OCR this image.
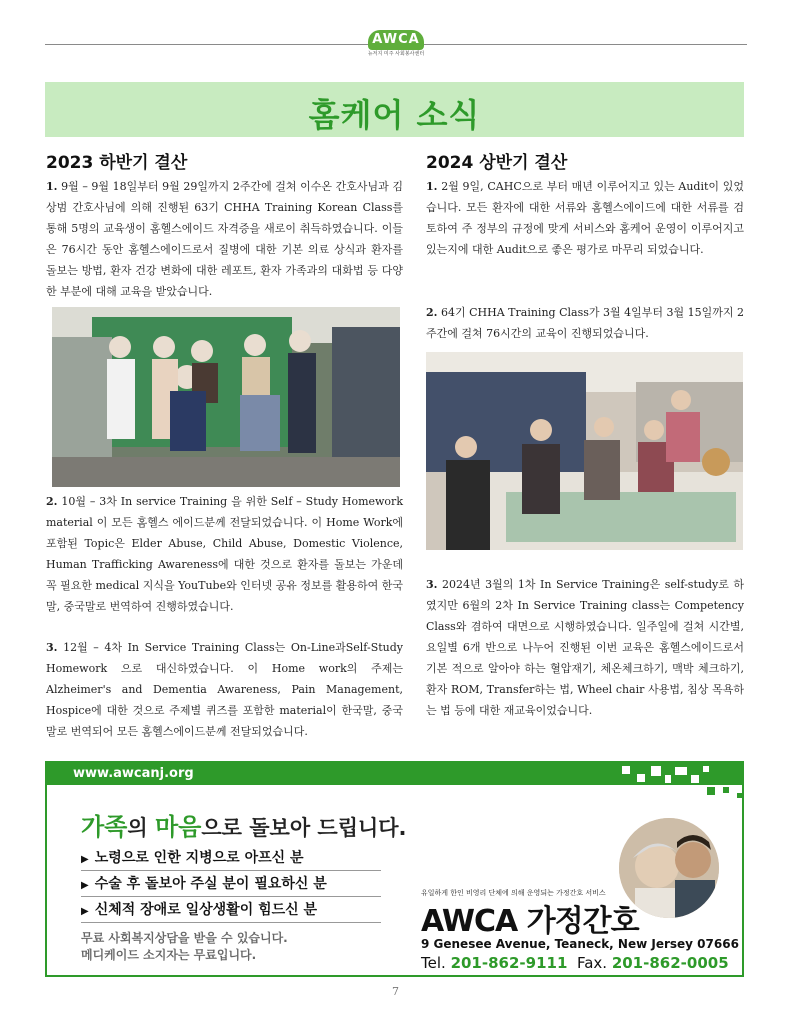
AWCA
뉴저지 미주 사회봉사센터
홈케어 소식
2023 하반기 결산

1. 9월 – 9월 18일부터 9월 29일까지 2주간에 걸쳐 이수온 간호사님과 김상범 간호사님에 의해 진행된 63기 CHHA Training Korean Class를 통해 5명의 교육생이 홈헬스에이드 자격증을 새로이 취득하였습니다. 이들은 76시간 동안 홈헬스에이드로서 질병에 대한 기본 의료 상식과 환자를 돌보는 방법, 환자 건강 변화에 대한 레포트, 환자 가족과의 대화법 등 다양한 부분에 대해 교육을 받았습니다.

2. 10월 – 3차 In service Training 을 위한 Self – Study Homework material 이 모든 홈헬스 에이드분께 전달되었습니다. 이 Home Work에 포함된 Topic은 Elder Abuse, Child Abuse, Domestic Violence, Human Trafficking Awareness에 대한 것으로 환자를 돌보는 가운데 꼭 필요한 medical 지식을 YouTube와 인터넷 공유 정보를 활용하여 한국말, 중국말로 번역하여 진행하였습니다.

3. 12월 – 4차 In Service Training Class는 On-Line과Self-Study Homework 으로 대신하였습니다. 이 Home work의 주제는 Alzheimer's and Dementia Awareness, Pain Management, Hospice에 대한 것으로 주제별 퀴즈를 포함한 material이 한국말, 중국말로 번역되어 모든 홈헬스에이드분께 전달되었습니다.

2024 상반기 결산

1. 2월 9일, CAHC으로 부터 매년 이루어지고 있는 Audit이 있었습니다. 모든 환자에 대한 서류와 홈헬스에이드에 대한 서류를 검토하여 주 정부의 규정에 맞게 서비스와 홈케어 운영이 이루어지고 있는지에 대한 Audit으로 좋은 평가로 마무리 되었습니다.

2. 64기 CHHA Training Class가 3월 4일부터 3월 15일까지 2주간에 걸쳐 76시간의 교육이 진행되었습니다.

3. 2024년 3월의 1차 In Service Training은 self-study로 하였지만 6월의 2차 In Service Training class는 Competency Class와 겸하여 대면으로 시행하였습니다. 일주일에 걸쳐 시간별, 요일별 6개 반으로 나누어 진행된 이번 교육은 홈헬스에이드로서 기본 적으로 알아야 하는 혈압재기, 체온체크하기, 맥박 체크하기, 환자 ROM, Transfer하는 법, Wheel chair 사용법, 침상 목욕하는 법 등에 대한 재교육이었습니다.

www.awcanj.org
가족의 마음으로 돌보아 드립니다.
▶ 노령으로 인한 지병으로 아프신 분
▶ 수술 후 돌보아 주실 분이 필요하신 분
▶ 신체적 장애로 일상생활이 힘드신 분
무료 사회복지상담을 받을 수 있습니다.
메디케이드 소지자는 무료입니다.
유일하게 한인 비영리 단체에 의해 운영되는 가정간호 서비스
AWCA 가정간호
9 Genesee Avenue, Teaneck, New Jersey 07666
Tel. 201-862-9111 Fax. 201-862-0005
7
